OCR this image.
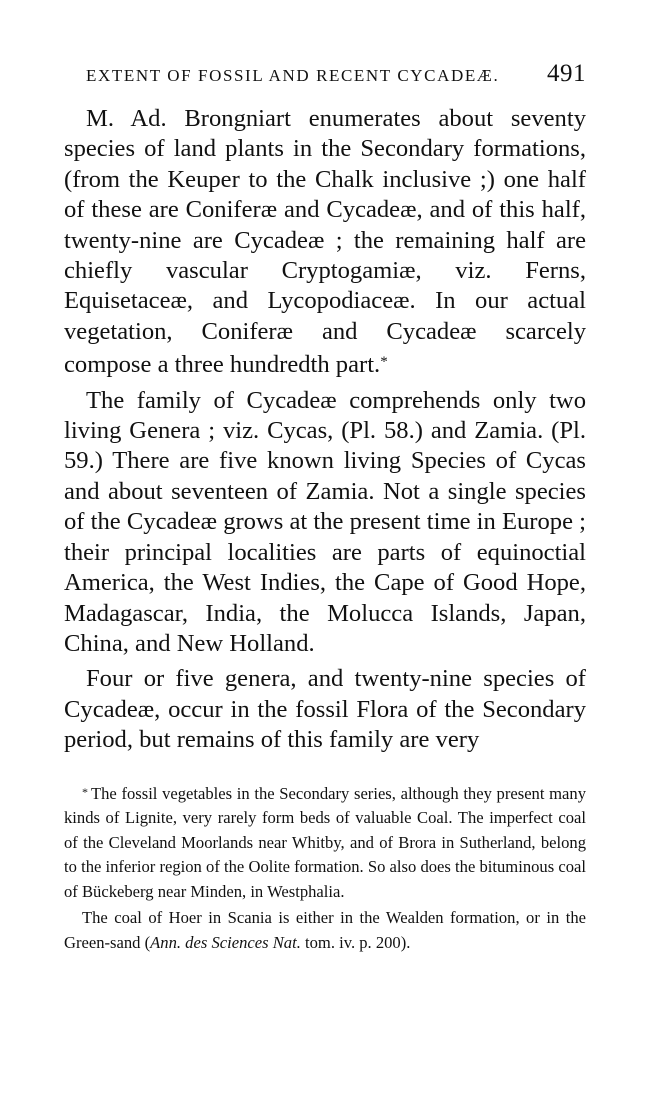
EXTENT OF FOSSIL AND RECENT CYCADEÆ. 491

M. Ad. Brongniart enumerates about seventy species of land plants in the Secondary formations, (from the Keuper to the Chalk inclusive ;) one half of these are Coniferæ and Cycadeæ, and of this half, twenty-nine are Cycadeæ ; the remaining half are chiefly vascular Cryptogamiæ, viz. Ferns, Equisetaceæ, and Lycopodiaceæ. In our actual vegetation, Coniferæ and Cycadeæ scarcely compose a three hundredth part.*

The family of Cycadeæ comprehends only two living Genera ; viz. Cycas, (Pl. 58.) and Zamia. (Pl. 59.) There are five known living Species of Cycas and about seventeen of Zamia. Not a single species of the Cycadeæ grows at the present time in Europe ; their principal localities are parts of equinoctial America, the West Indies, the Cape of Good Hope, Madagascar, India, the Molucca Islands, Japan, China, and New Holland.

Four or five genera, and twenty-nine species of Cycadeæ, occur in the fossil Flora of the Secondary period, but remains of this family are very

* The fossil vegetables in the Secondary series, although they present many kinds of Lignite, very rarely form beds of valuable Coal. The imperfect coal of the Cleveland Moorlands near Whitby, and of Brora in Sutherland, belong to the inferior region of the Oolite formation. So also does the bituminous coal of Bückeberg near Minden, in Westphalia.

The coal of Hoer in Scania is either in the Wealden formation, or in the Green-sand (Ann. des Sciences Nat. tom. iv. p. 200).
